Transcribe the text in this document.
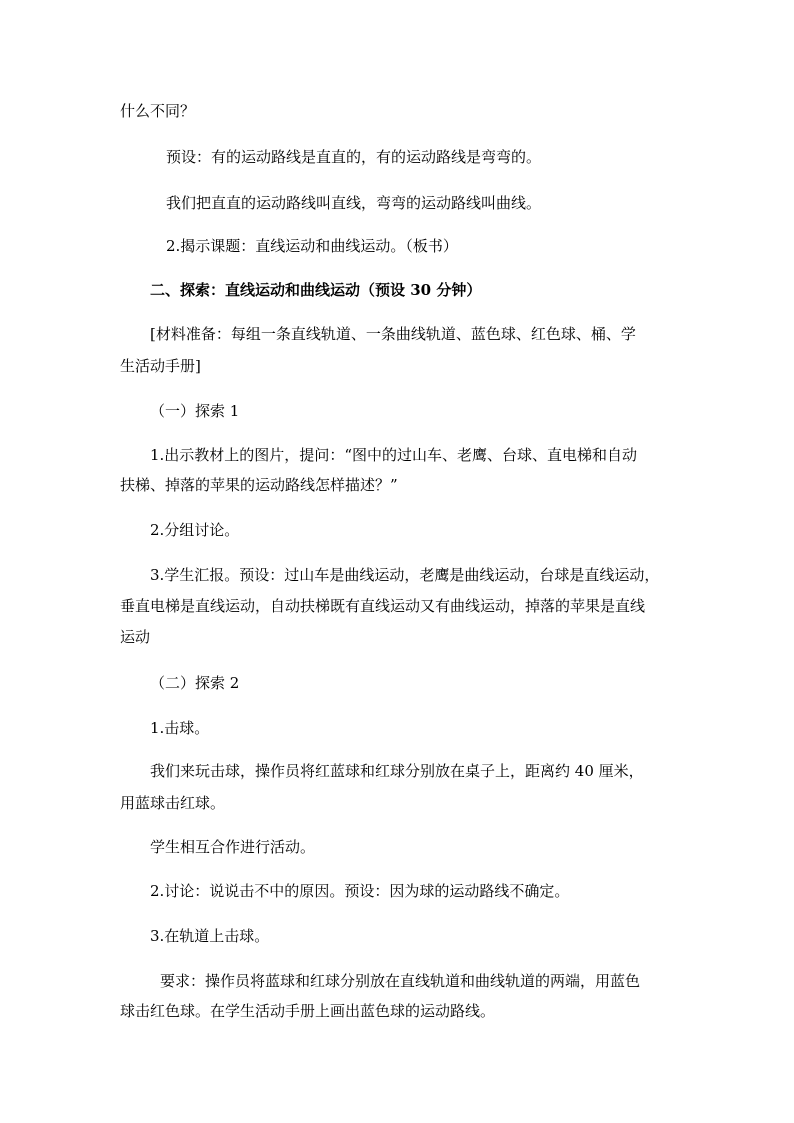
什么不同？
预设：有的运动路线是直直的，有的运动路线是弯弯的。
我们把直直的运动路线叫直线，弯弯的运动路线叫曲线。
2.揭示课题：直线运动和曲线运动。（板书）
二、探索：直线运动和曲线运动（预设 30 分钟）
[材料准备：每组一条直线轨道、一条曲线轨道、蓝色球、红色球、桶、学
生活动手册]
（一）探索 1
1.出示教材上的图片，提问：“图中的过山车、老鹰、台球、直电梯和自动
扶梯、掉落的苹果的运动路线怎样描述？”
2.分组讨论。
3.学生汇报。预设：过山车是曲线运动，老鹰是曲线运动，台球是直线运动，
垂直电梯是直线运动，自动扶梯既有直线运动又有曲线运动，掉落的苹果是直线
运动
（二）探索 2
1.击球。
我们来玩击球，操作员将红蓝球和红球分别放在桌子上，距离约 40 厘米，
用蓝球击红球。
学生相互合作进行活动。
2.讨论：说说击不中的原因。预设：因为球的运动路线不确定。
3.在轨道上击球。
要求：操作员将蓝球和红球分别放在直线轨道和曲线轨道的两端，用蓝色
球击红色球。在学生活动手册上画出蓝色球的运动路线。
